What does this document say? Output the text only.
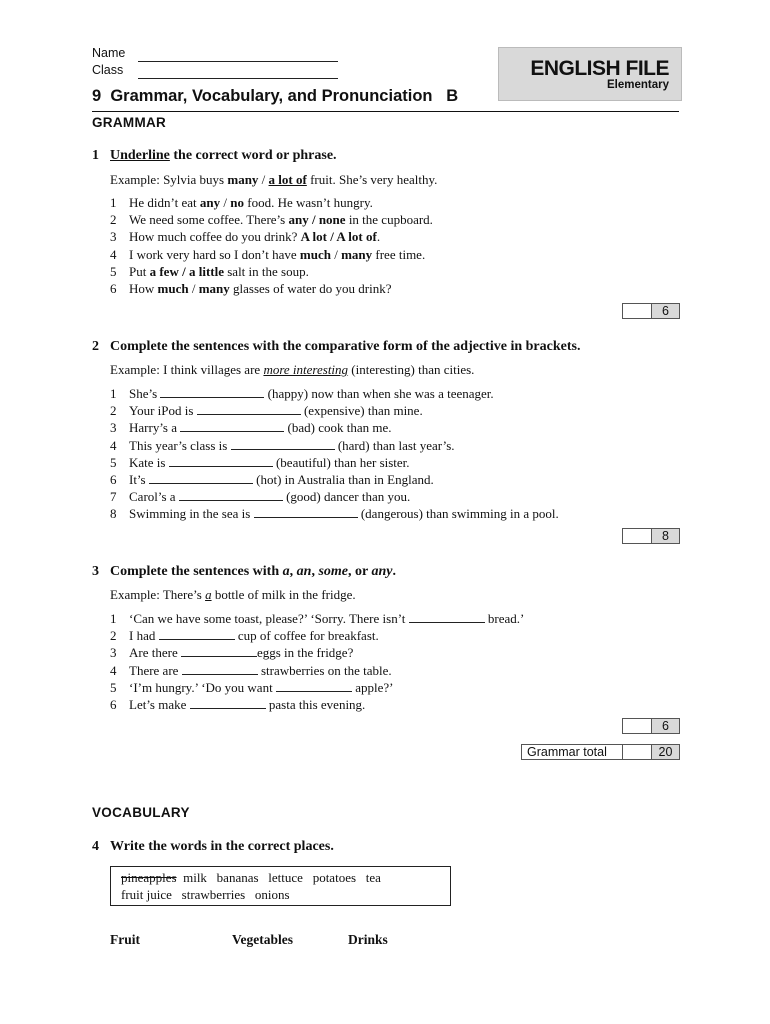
Name
Class	ENGLISH FILE
Elementary
9  Grammar, Vocabulary, and Pronunciation   B
GRAMMAR
1 Underline the correct word or phrase.
Example: Sylvia buys many / a lot of fruit. She’s very healthy.
1 He didn’t eat any / no food. He wasn’t hungry.
2 We need some coffee. There’s any / none in the cupboard.
3 How much coffee do you drink? A lot / A lot of.
4 I work very hard so I don’t have much / many free time.
5 Put a few / a little salt in the soup.
6 How much / many glasses of water do you drink?
6
2 Complete the sentences with the comparative form of the adjective in brackets.
Example: I think villages are more interesting (interesting) than cities.
1 She’s	(happy) now than when she was a teenager.
2 Your iPod is	(expensive) than mine.
3 Harry’s a	(bad) cook than me.
4 This year’s class is	(hard) than last year’s.
5 Kate is	(beautiful) than her sister.
6 It’s	(hot) in Australia than in England.
7 Carol’s a	(good) dancer than you.
8 Swimming in the sea is	(dangerous) than swimming in a pool.
8
3 Complete the sentences with a, an, some, or any.
Example: There’s a bottle of milk in the fridge.
1 ‘Can we have some toast, please?’ ‘Sorry. There isn’t	bread.’
2 I had	cup of coffee for breakfast.
3 Are there	eggs in the fridge?
4 There are	strawberries on the table.
5 ‘I’m hungry.’ ‘Do you want	apple?’
6 Let’s make	pasta this evening.
6
Grammar total	20
VOCABULARY
4 Write the words in the correct places.
pineapples  milk   bananas   lettuce   potatoes   tea
fruit juice   strawberries   onions
Fruit	Vegetables	Drinks
